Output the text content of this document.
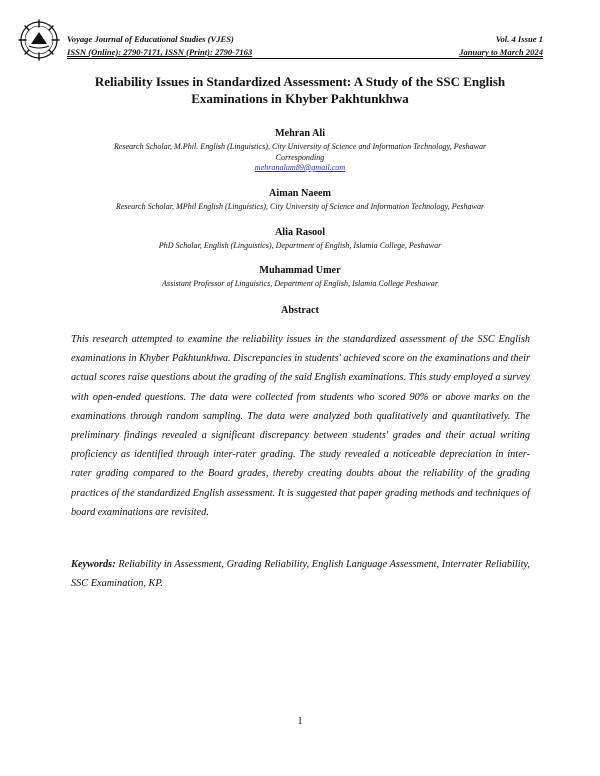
Voyage Journal of Educational Studies (VJES)
ISSN (Online): 2790-7171, ISSN (Print): 2790-7163
Vol. 4 Issue 1
January to March 2024
Reliability Issues in Standardized Assessment: A Study of the SSC English
Examinations in Khyber Pakhtunkhwa
Mehran Ali
Research Scholar, M.Phil. English (Linguistics), City University of Science and Information Technology, Peshawar
Corresponding
mehranalam89@gmail.com
Aiman Naeem
Research Scholar, MPhil English (Linguistics), City University of Science and Information Technology, Peshawar
Alia Rasool
PhD Scholar, English (Linguistics), Department of English, Islamia College, Peshawar
Muhammad Umer
Assistant Professor of Linguistics, Department of English, Islamia College Peshawar
Abstract

This research attempted to examine the reliability issues in the standardized assessment of the SSC English examinations in Khyber Pakhtunkhwa. Discrepancies in students' achieved score on the examinations and their actual scores raise questions about the grading of the said English examinations. This study employed a survey with open-ended questions. The data were collected from students who scored 90% or above marks on the examinations through random sampling. The data were analyzed both qualitatively and quantitatively. The preliminary findings revealed a significant discrepancy between students' grades and their actual writing proficiency as identified through inter-rater grading. The study revealed a noticeable depreciation in inter-rater grading compared to the Board grades, thereby creating doubts about the reliability of the grading practices of the standardized English assessment. It is suggested that paper grading methods and techniques of board examinations are revisited.

Keywords: Reliability in Assessment, Grading Reliability, English Language Assessment, Interrater Reliability, SSC Examination, KP.

1
